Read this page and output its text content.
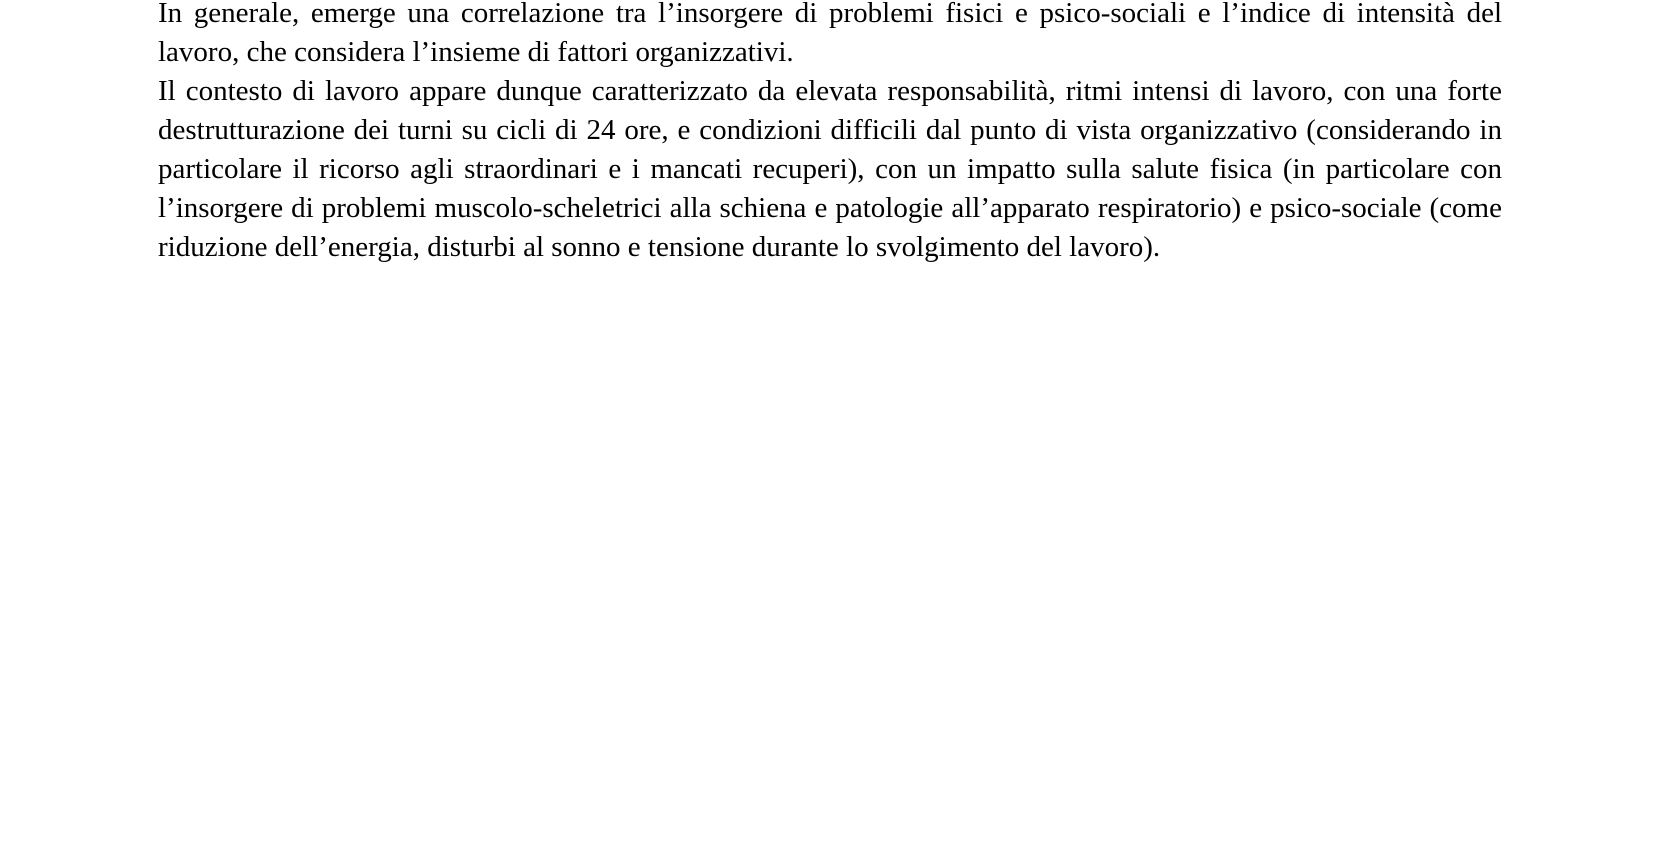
In generale, emerge una correlazione tra l’insorgere di problemi fisici e psico-sociali e l’indice di intensità del lavoro, che considera l’insieme di fattori organizzativi.

Il contesto di lavoro appare dunque caratterizzato da elevata responsabilità, ritmi intensi di lavoro, con una forte destrutturazione dei turni su cicli di 24 ore, e condizioni difficili dal punto di vista organizzativo (considerando in particolare il ricorso agli straordinari e i mancati recuperi), con un impatto sulla salute fisica (in particolare con l’insorgere di problemi muscolo-scheletrici alla schiena e patologie all’apparato respiratorio) e psico-sociale (come riduzione dell’energia, disturbi al sonno e tensione durante lo svolgimento del lavoro).
